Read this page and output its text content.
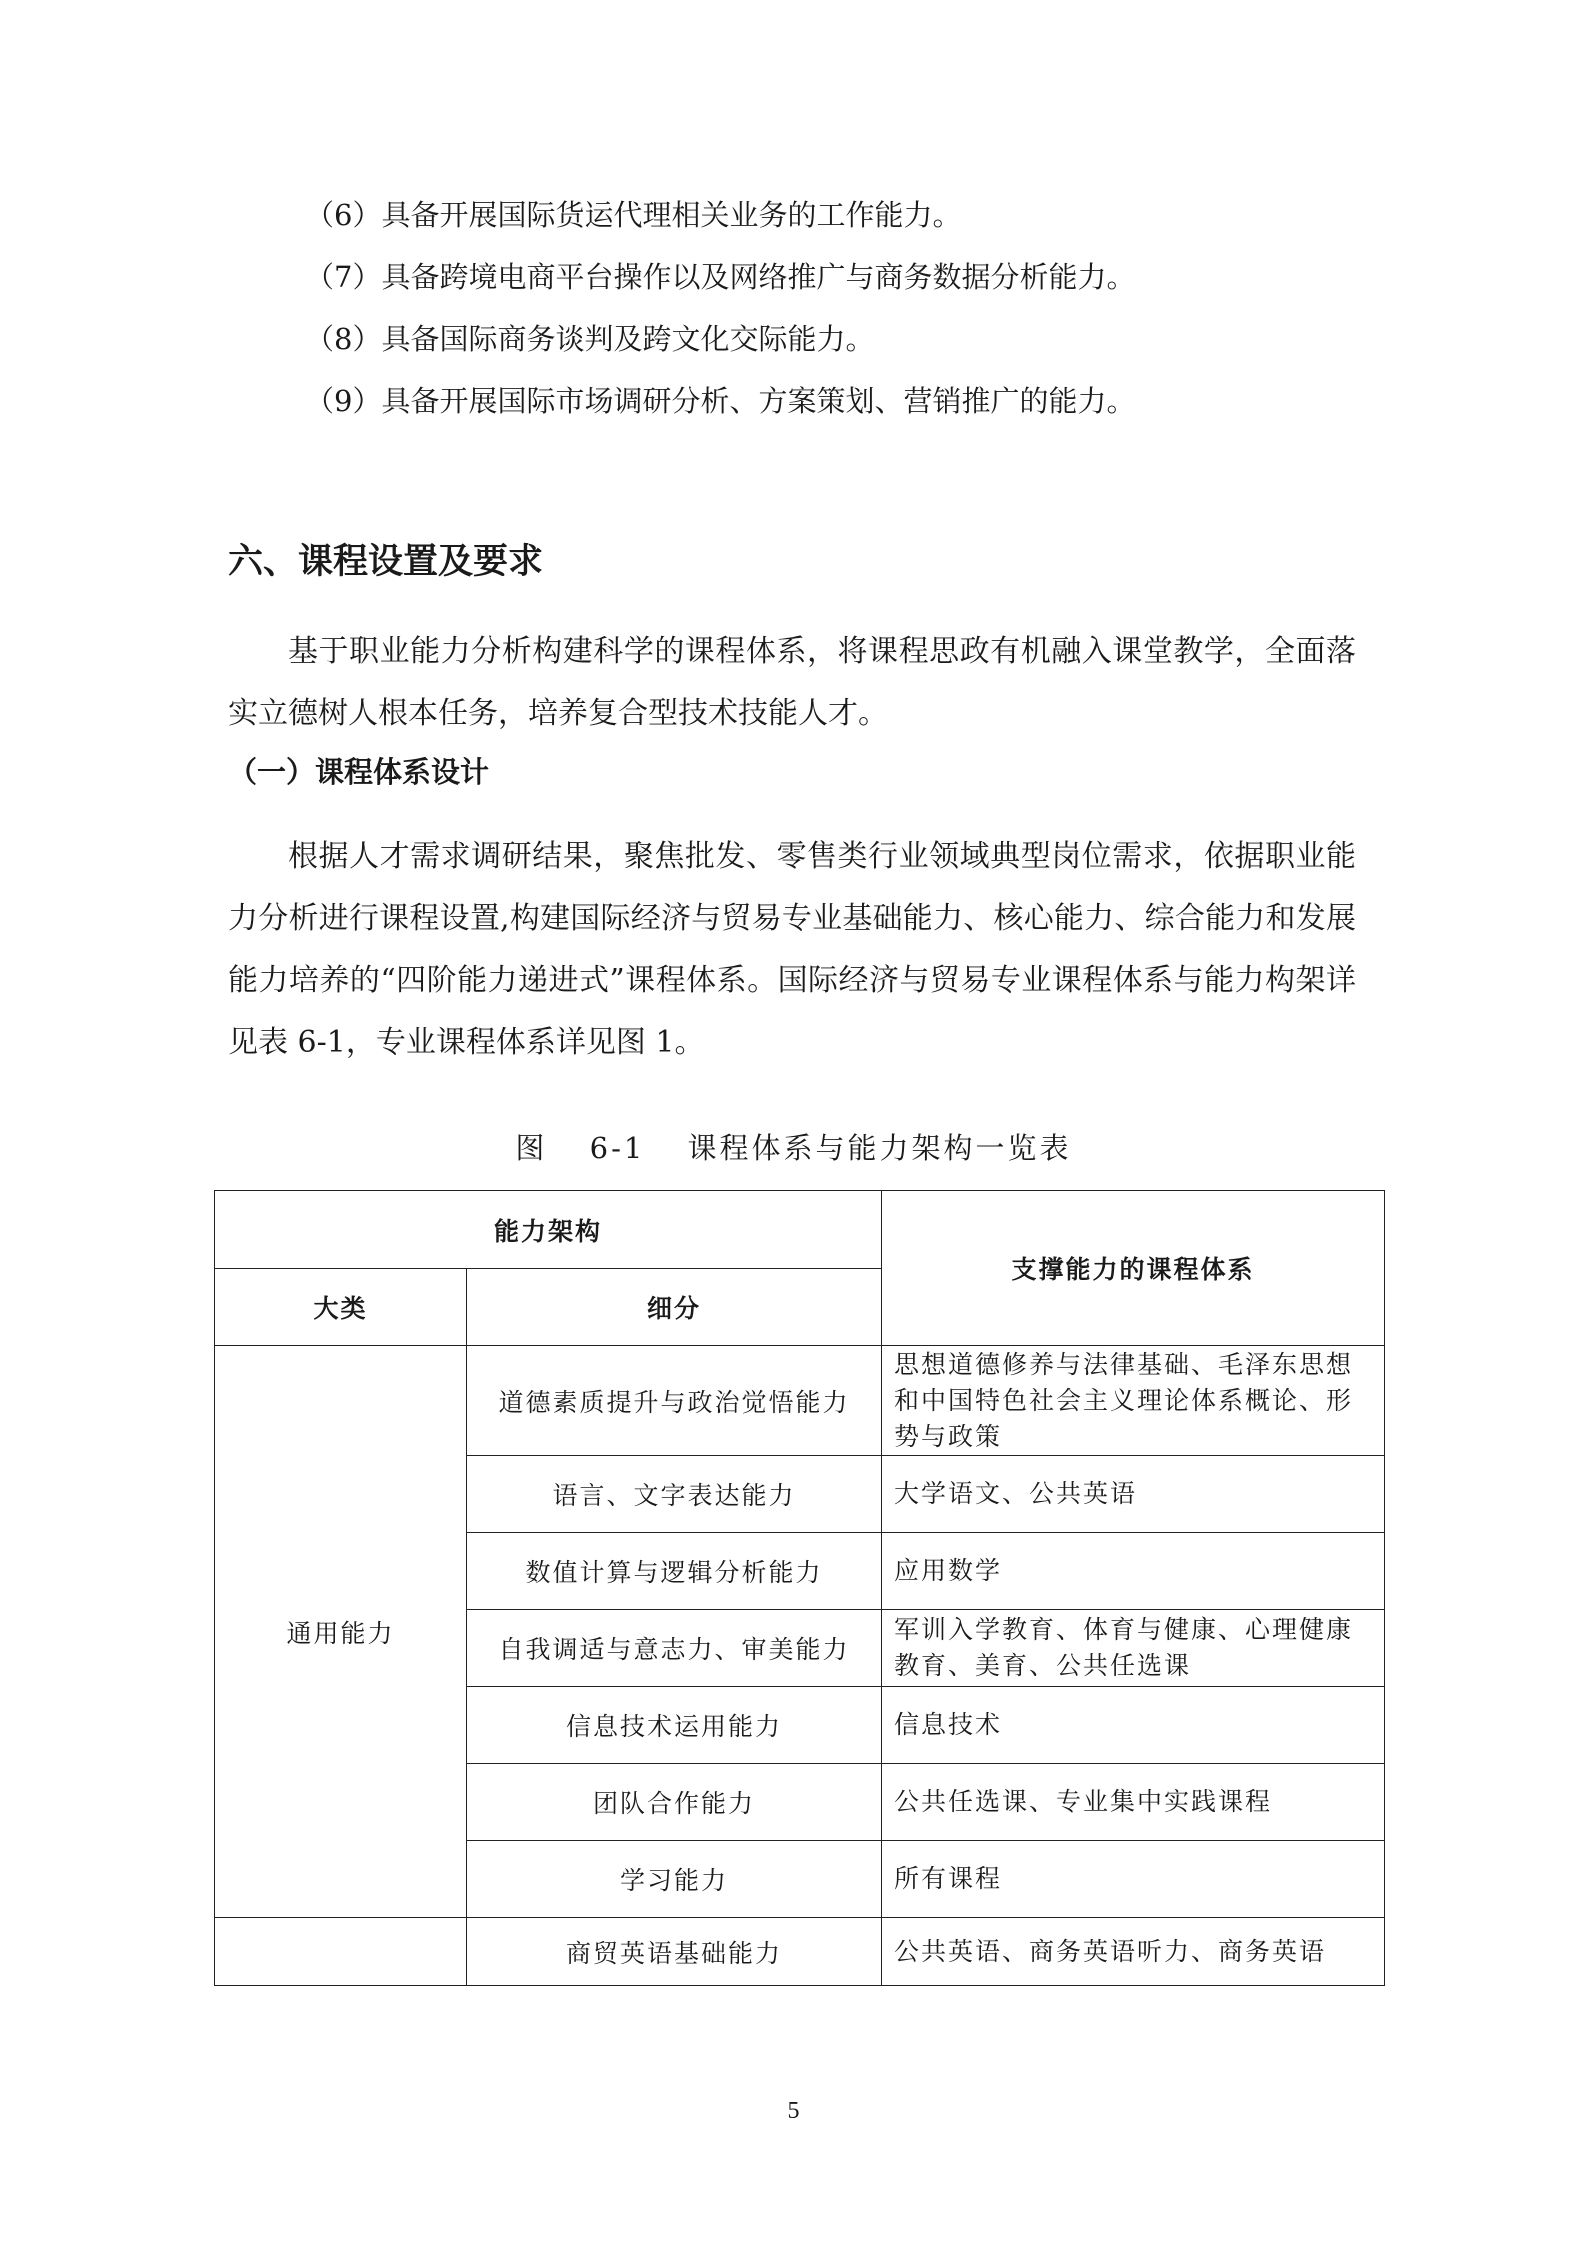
（6）具备开展国际货运代理相关业务的工作能力。
（7）具备跨境电商平台操作以及网络推广与商务数据分析能力。
（8）具备国际商务谈判及跨文化交际能力。
（9）具备开展国际市场调研分析、方案策划、营销推广的能力。
六、课程设置及要求
基于职业能力分析构建科学的课程体系，将课程思政有机融入课堂教学，全面落实立德树人根本任务，培养复合型技术技能人才。
（一）课程体系设计
根据人才需求调研结果，聚焦批发、零售类行业领域典型岗位需求，依据职业能力分析进行课程设置,构建国际经济与贸易专业基础能力、核心能力、综合能力和发展能力培养的“四阶能力递进式”课程体系。国际经济与贸易专业课程体系与能力构架详见表 6-1，专业课程体系详见图 1。
图 6-1 课程体系与能力架构一览表
能力架构		支撑能力的课程体系
大类	细分	
通用能力	道德素质提升与政治觉悟能力	思想道德修养与法律基础、毛泽东思想和中国特色社会主义理论体系概论、形势与政策
	语言、文字表达能力	大学语文、公共英语
	数值计算与逻辑分析能力	应用数学
	自我调适与意志力、审美能力	军训入学教育、体育与健康、心理健康教育、美育、公共任选课
	信息技术运用能力	信息技术
	团队合作能力	公共任选课、专业集中实践课程
	学习能力	所有课程
	商贸英语基础能力	公共英语、商务英语听力、商务英语
5
